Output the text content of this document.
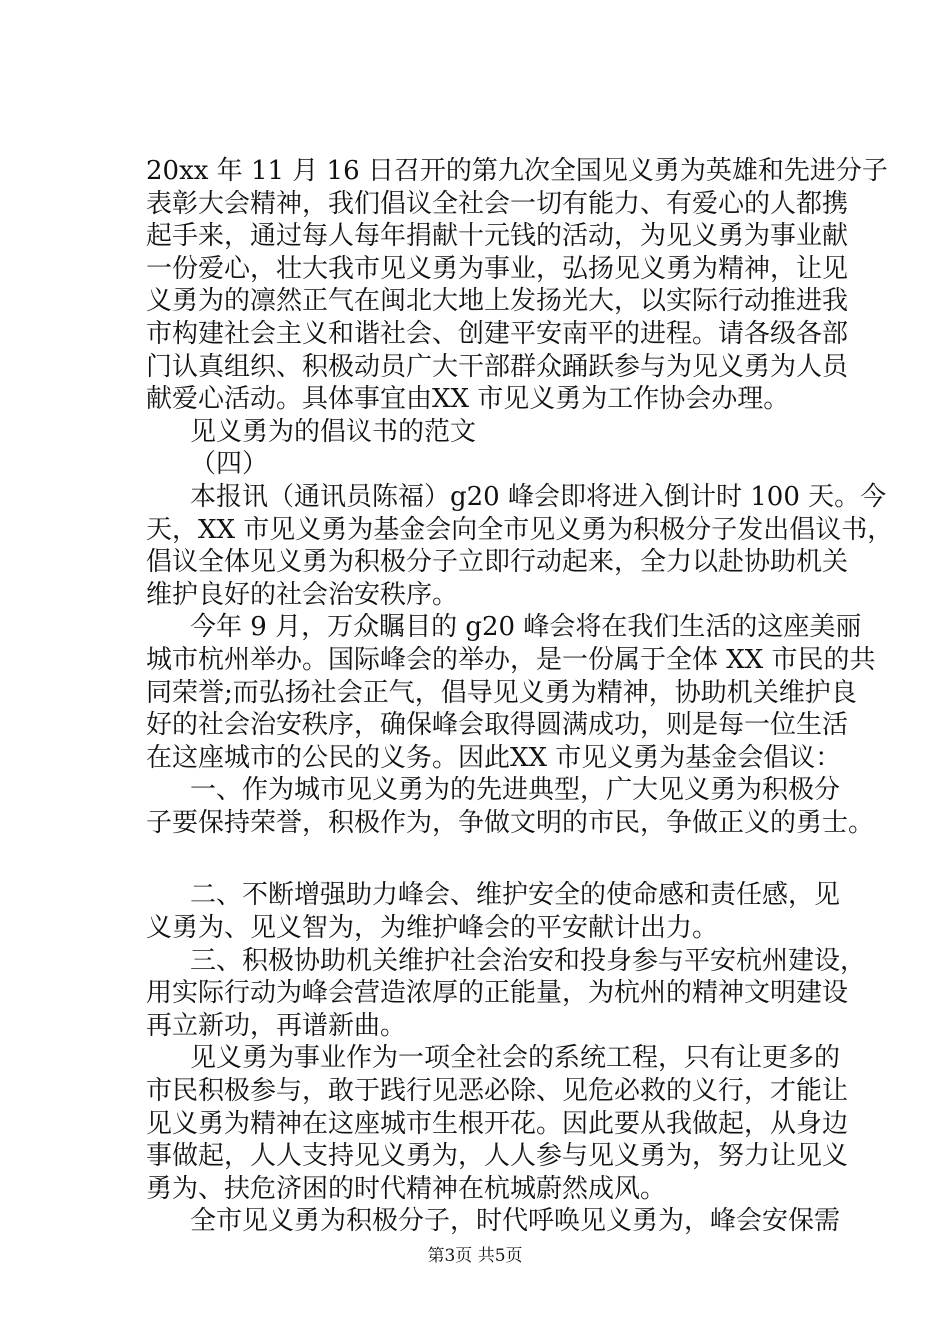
20xx 年 11 月 16 日召开的第九次全国见义勇为英雄和先进分子
表彰大会精神，我们倡议全社会一切有能力、有爱心的人都携
起手来，通过每人每年捐献十元钱的活动，为见义勇为事业献
一份爱心，壮大我市见义勇为事业，弘扬见义勇为精神，让见
义勇为的凛然正气在闽北大地上发扬光大，以实际行动推进我
市构建社会主义和谐社会、创建平安南平的进程。请各级各部
门认真组织、积极动员广大干部群众踊跃参与为见义勇为人员
献爱心活动。具体事宜由XX 市见义勇为工作协会办理。
见义勇为的倡议书的范文
（四）
本报讯（通讯员陈福）g20 峰会即将进入倒计时 100 天。今
天，XX 市见义勇为基金会向全市见义勇为积极分子发出倡议书，
倡议全体见义勇为积极分子立即行动起来，全力以赴协助机关
维护良好的社会治安秩序。
今年 9 月，万众瞩目的 g20 峰会将在我们生活的这座美丽
城市杭州举办。国际峰会的举办，是一份属于全体 XX 市民的共
同荣誉;而弘扬社会正气，倡导见义勇为精神，协助机关维护良
好的社会治安秩序，确保峰会取得圆满成功，则是每一位生活
在这座城市的公民的义务。因此XX 市见义勇为基金会倡议：
一、作为城市见义勇为的先进典型，广大见义勇为积极分
子要保持荣誉，积极作为，争做文明的市民，争做正义的勇士。
二、不断增强助力峰会、维护安全的使命感和责任感，见
义勇为、见义智为，为维护峰会的平安献计出力。
三、积极协助机关维护社会治安和投身参与平安杭州建设，
用实际行动为峰会营造浓厚的正能量，为杭州的精神文明建设
再立新功，再谱新曲。
见义勇为事业作为一项全社会的系统工程，只有让更多的
市民积极参与，敢于践行见恶必除、见危必救的义行，才能让
见义勇为精神在这座城市生根开花。因此要从我做起，从身边
事做起，人人支持见义勇为，人人参与见义勇为，努力让见义
勇为、扶危济困的时代精神在杭城蔚然成风。
全市见义勇为积极分子，时代呼唤见义勇为，峰会安保需
第3页 共5页
